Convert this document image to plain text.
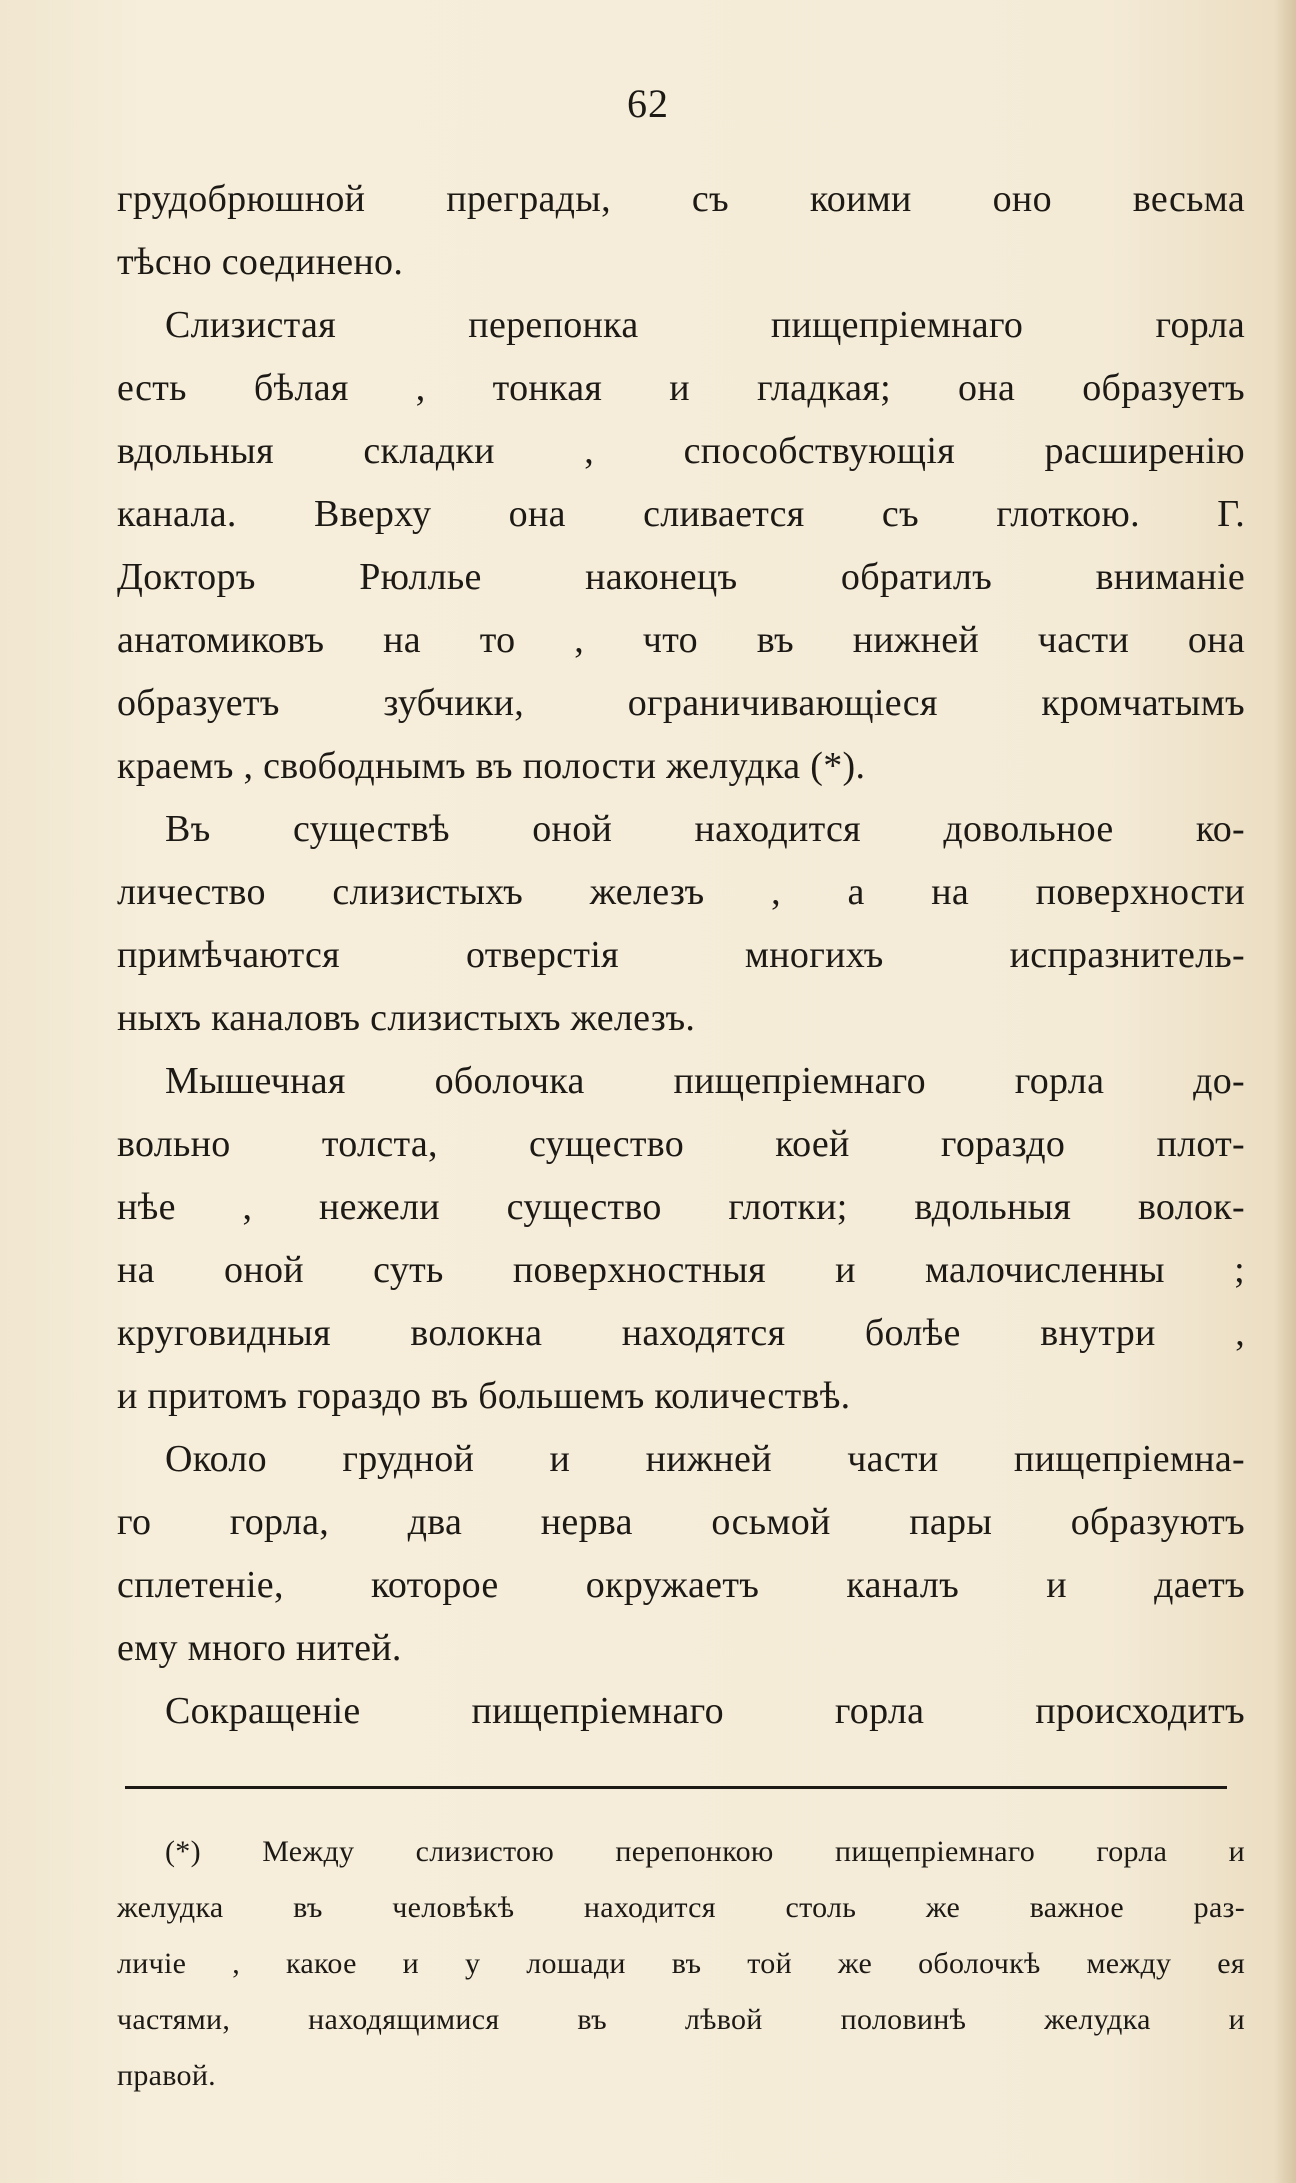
62
грудобрюшной преграды, съ коими оно весьма
тѣсно соединено.
Слизистая перепонка пищепріемнаго горла
есть бѣлая , тонкая и гладкая; она образуетъ
вдольныя складки , способствующія расширенію
канала. Вверху она сливается съ глоткою. Г.
Докторъ Рюлльe наконецъ обратилъ вниманіе
анатомиковъ на то , что въ нижней части она
образуетъ зубчики, ограничивающіеся кромчатымъ
краемъ , свободнымъ въ полости желудка (*).
Въ существѣ оной находится довольное ко-
личество слизистыхъ железъ , а на поверхности
примѣчаются отверстія многихъ испразнитель-
ныхъ каналовъ слизистыхъ железъ.
Мышечная оболочка пищепріемнаго горла до-
вольно толста, существо коей гораздо плот-
нѣе , нежели существо глотки; вдольныя волок-
на оной суть поверхностныя и малочисленны ;
круговидныя волокна находятся болѣе внутри ,
и притомъ гораздо въ большемъ количествѣ.
Около грудной и нижней части пищепріемна-
го горла, два нерва осьмой пары образуютъ
сплетеніе, которое окружаетъ каналъ и даетъ
ему много нитей.
Сокращеніе пищепріемнаго горла происходитъ
(*) Между слизистою перепонкою пищепріемнаго горла и
желудка въ человѣкѣ находится столь же важное раз-
личіе , какое и у лошади въ той же оболочкѣ между ея
частями, находящимися въ лѣвой половинѣ желудка и
правой.
